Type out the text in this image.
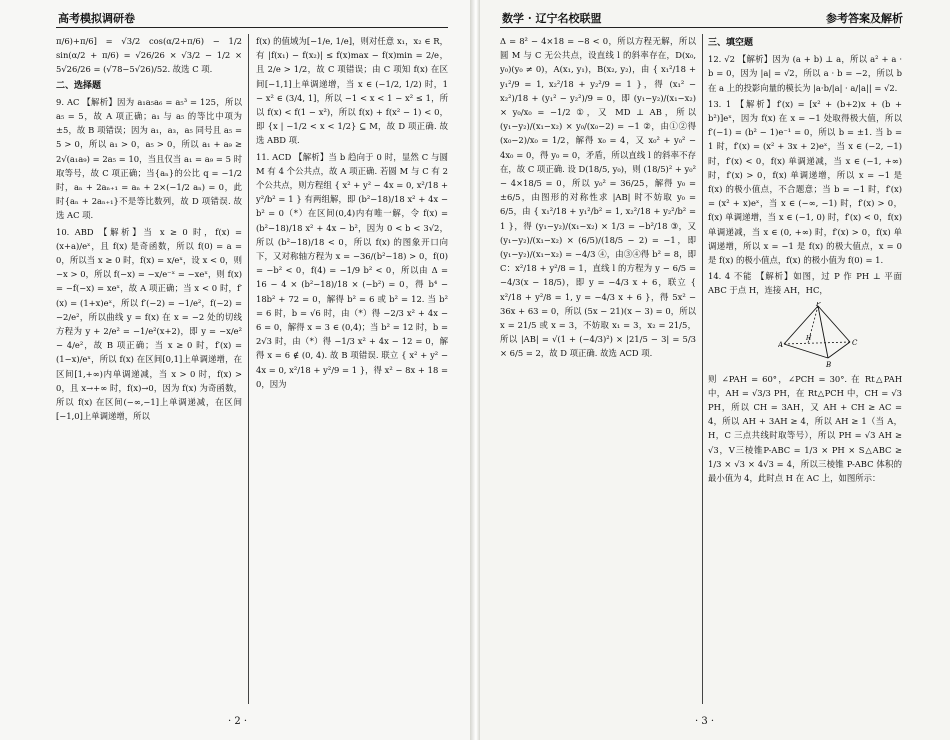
高考模拟调研卷

π/6)+π/6] = √3/2 cos(α/2+π/6) − 1/2 sin(α/2 + π/6) = √26/26 × √3/2 − 1/2 × 5√26/26 = (√78−5√26)/52. 故选 C 项.

二、选择题

9. AC 【解析】因为 a₁a₅a₆ = a₅³ = 125，所以 a₅ = 5，故 A 项正确；a₁ 与 a₅ 的等比中项为 ±5，故 B 项错误；因为 a₁，a₃，a₅ 同号且 a₅ = 5 > 0，所以 a₁ > 0，a₅ > 0，所以 a₁ + a₉ ≥ 2√(a₁a₉) = 2a₅ = 10，当且仅当 a₁ = a₉ = 5 时取等号，故 C 项正确；当{aₙ}的公比 q = −1/2 时，aₙ + 2aₙ₊₁ = aₙ + 2×(−1/2 aₙ) = 0，此时{aₙ + 2aₙ₊₁}不是等比数列，故 D 项错误. 故选 AC 项.

10. ABD 【解析】当 x ≥ 0 时，f(x) = (x+a)/eˣ，且 f(x) 是奇函数，所以 f(0) = a = 0，所以当 x ≥ 0 时，f(x) = x/eˣ，设 x < 0，则 −x > 0，所以 f(−x) = −x/e⁻ˣ = −xeˣ，则 f(x) = −f(−x) = xeˣ，故 A 项正确；当 x < 0 时，f′(x) = (1+x)eˣ，所以 f′(−2) = −1/e²，f(−2) = −2/e²，所以曲线 y = f(x) 在 x = −2 处的切线方程为 y + 2/e² = −1/e²(x+2)，即 y = −x/e² − 4/e²，故 B 项正确；当 x ≥ 0 时，f′(x) = (1−x)/eˣ，所以 f(x) 在区间[0,1]上单调递增，在区间[1,+∞)内单调递减，当 x > 0 时，f(x) > 0，且 x→+∞ 时，f(x)→0，因为 f(x) 为奇函数，所以 f(x) 在区间(−∞,−1]上单调递减，在区间[−1,0]上单调递增，所以

f(x) 的值域为[−1/e, 1/e]，则对任意 x₁，x₂ ∈ R，有 |f(x₁) − f(x₂)| ≤ f(x)max − f(x)min = 2/e，且 2/e > 1/2，故 C 项错误；由 C 项知 f(x) 在区间[−1,1]上单调递增，当 x ∈ (−1/2, 1/2) 时，1 − x² ∈ (3/4, 1]，所以 −1 < x < 1 − x² ≤ 1，所以 f(x) < f(1 − x²)，所以 f(x) + f(x² − 1) < 0，即 {x | −1/2 < x < 1/2} ⊆ M，故 D 项正确. 故选 ABD 项.

11. ACD 【解析】当 b 趋向于 0 时，显然 C 与圆 M 有 4 个公共点，故 A 项正确. 若圆 M 与 C 有 2 个公共点，则方程组 { x² + y² − 4x = 0, x²/18 + y²/b² = 1 } 有两组解，即 (b²−18)/18 x² + 4x − b² = 0（*）在区间(0,4)内有唯一解，令 f(x) = (b²−18)/18 x² + 4x − b²，因为 0 < b < 3√2，所以 (b²−18)/18 < 0，所以 f(x) 的图象开口向下，又对称轴方程为 x = −36/(b²−18) > 0，f(0) = −b² < 0，f(4) = −1/9 b² < 0，所以由 Δ = 16 − 4 × (b²−18)/18 × (−b²) = 0，得 b⁴ − 18b² + 72 = 0，解得 b² = 6 或 b² = 12. 当 b² = 6 时，b = √6 时，由（*）得 −2/3 x² + 4x − 6 = 0，解得 x = 3 ∈ (0,4)；当 b² = 12 时，b = 2√3 时，由（*）得 −1/3 x² + 4x − 12 = 0，解得 x = 6 ∉ (0, 4). 故 B 项错误. 联立 { x² + y² − 4x = 0, x²/18 + y²/9 = 1 }，得 x² − 8x + 18 = 0，因为

· 2 ·
数学 · 辽宁名校联盟	参考答案及解析

Δ = 8² − 4×18 = −8 < 0，所以方程无解，所以圆 M 与 C 无公共点，设直线 l 的斜率存在，D(x₀, y₀)(y₀ ≠ 0)，A(x₁, y₁)，B(x₂, y₂)，由 { x₁²/18 + y₁²/9 = 1, x₂²/18 + y₂²/9 = 1 }，得 (x₁² − x₂²)/18 + (y₁² − y₂²)/9 = 0，即 (y₁−y₂)/(x₁−x₂) × y₀/x₀ = −1/2 ①，又 MD ⊥ AB，所以 (y₁−y₂)/(x₁−x₂) × y₀/(x₀−2) = −1 ②，由①②得 (x₀−2)/x₀ = 1/2，解得 x₀ = 4，又 x₀² + y₀² − 4x₀ = 0，得 y₀ = 0，矛盾，所以直线 l 的斜率不存在，故 C 项正确. 设 D(18/5, y₀)，则 (18/5)² + y₀² − 4×18/5 = 0，所以 y₀² = 36/25，解得 y₀ = ±6/5，由图形的对称性求 |AB| 时不妨取 y₀ = 6/5，由 { x₁²/18 + y₁²/b² = 1, x₂²/18 + y₂²/b² = 1 }，得 (y₁−y₂)/(x₁−x₂) × 1/3 = −b²/18 ③，又 (y₁−y₂)/(x₁−x₂) × (6/5)/(18/5 − 2) = −1，即 (y₁−y₂)/(x₁−x₂) = −4/3 ④，由③④得 b² = 8，即 C：x²/18 + y²/8 = 1，直线 l 的方程为 y − 6/5 = −4/3(x − 18/5)，即 y = −4/3 x + 6，联立 { x²/18 + y²/8 = 1, y = −4/3 x + 6 }，得 5x² − 36x + 63 = 0，所以 (5x − 21)(x − 3) = 0，所以 x = 21/5 或 x = 3，不妨取 x₁ = 3，x₂ = 21/5，所以 |AB| = √(1 + (−4/3)²) × |21/5 − 3| = 5/3 × 6/5 = 2，故 D 项正确. 故选 ACD 项.

三、填空题

12. √2 【解析】因为 (a + b) ⊥ a，所以 a² + a · b = 0，因为 |a| = √2，所以 a · b = −2，所以 b 在 a 上的投影向量的模长为 |a·b/|a| · a/|a|| = √2.

13. 1 【解析】f′(x) = [x² + (b+2)x + (b + b²)]eˣ，因为 f(x) 在 x = −1 处取得极大值，所以 f′(−1) = (b² − 1)e⁻¹ = 0，所以 b = ±1. 当 b = 1 时，f′(x) = (x² + 3x + 2)eˣ，当 x ∈ (−2, −1) 时，f′(x) < 0，f(x) 单调递减，当 x ∈ (−1, +∞) 时，f′(x) > 0，f(x) 单调递增，所以 x = −1 是 f(x) 的极小值点，不合题意；当 b = −1 时，f′(x) = (x² + x)eˣ，当 x ∈ (−∞, −1) 时，f′(x) > 0，f(x) 单调递增，当 x ∈ (−1, 0) 时，f′(x) < 0，f(x) 单调递减，当 x ∈ (0, +∞) 时，f′(x) > 0，f(x) 单调递增，所以 x = −1 是 f(x) 的极大值点，x = 0 是 f(x) 的极小值点，f(x) 的极小值为 f(0) = 1.

14. 4 不能 【解析】如图，过 P 作 PH ⊥ 平面 ABC 于点 H，连接 AH，HC，

P
A	C
B
H

则 ∠PAH = 60°，∠PCH = 30°. 在 Rt△PAH 中，AH = √3/3 PH，在 Rt△PCH 中，CH = √3 PH，所以 CH = 3AH，又 AH + CH ≥ AC = 4，所以 AH + 3AH ≥ 4，所以 AH ≥ 1（当 A，H，C 三点共线时取等号），所以 PH = √3 AH ≥ √3，V三棱锥P-ABC = 1/3 × PH × S△ABC ≥ 1/3 × √3 × 4√3 = 4，所以三棱锥 P-ABC 体积的最小值为 4，此时点 H 在 AC 上，如图所示：

· 3 ·
